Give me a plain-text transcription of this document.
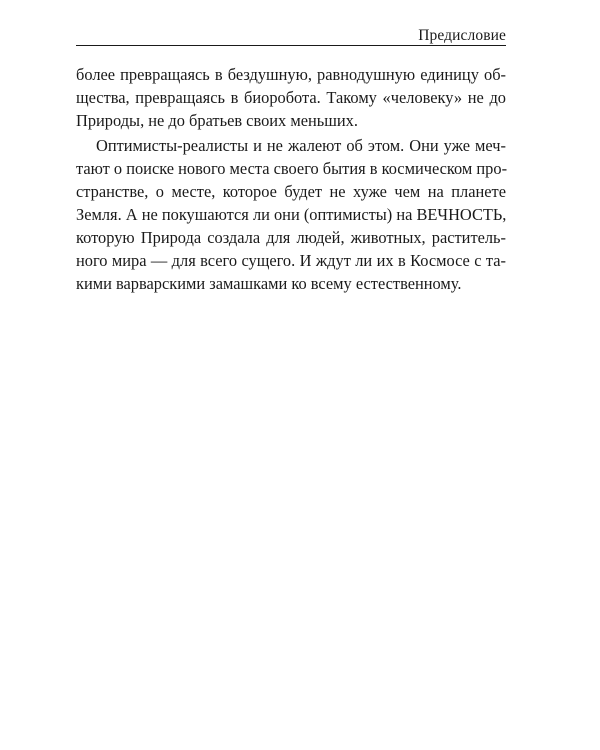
Предисловие
более превращаясь в бездушную, равнодушную единицу об-
щества, превращаясь в биоробота. Такому «человеку» не до
Природы, не до братьев своих меньших.
Оптимисты-реалисты и не жалеют об этом. Они уже меч-
тают о поиске нового места своего бытия в космическом про-
странстве, о месте, которое будет не хуже чем на планете
Земля. А не покушаются ли они (оптимисты) на ВЕЧНОСТЬ,
которую Природа создала для людей, животных, раститель-
ного мира — для всего сущего. И ждут ли их в Космосе с та-
кими варварскими замашками ко всему естественному.
